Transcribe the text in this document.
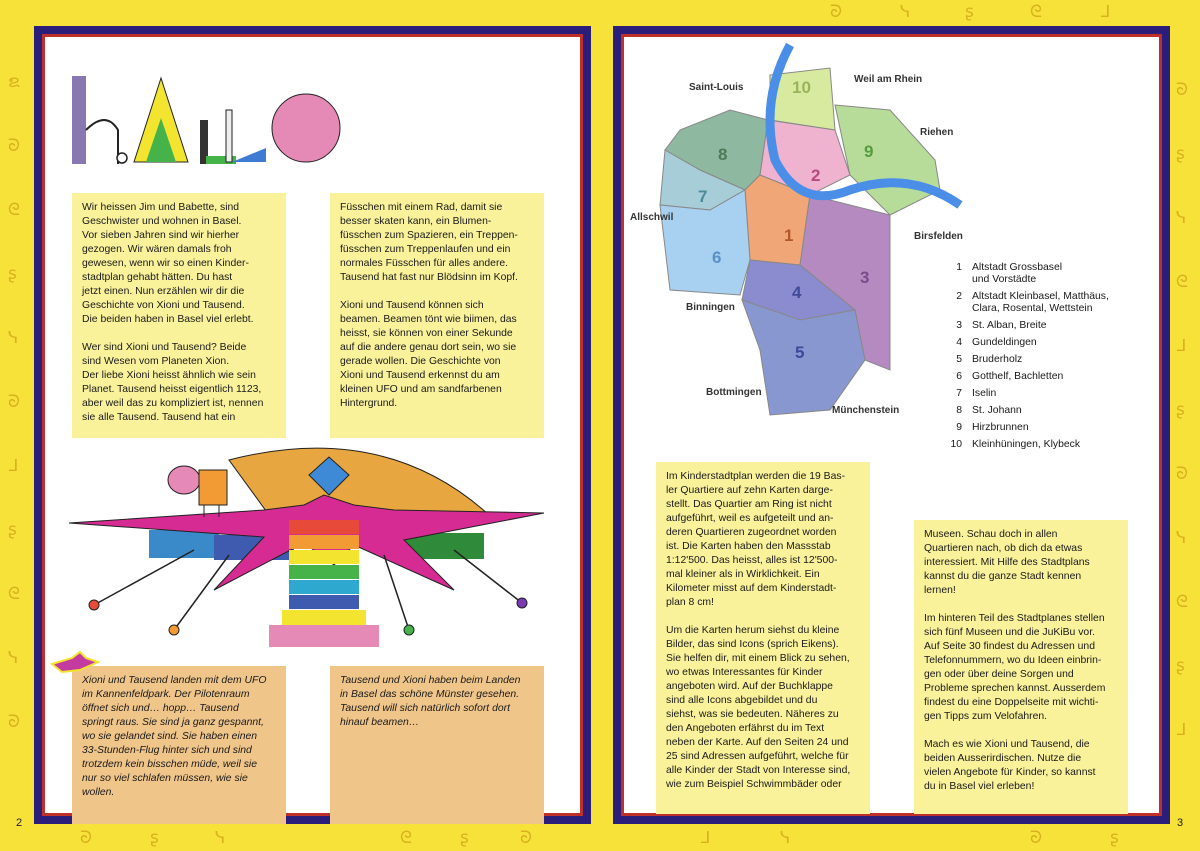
ຂ
ᘐ
ᘓ
ʂ
ᓭ
ᘐ
ᒧ
ʂ
ᘓ
ᓭ
ᘐ
ᘐ
ʂ
ᓭ
ᘓ
ᒧ
ʂ
ᘐ
ᓭ
ᘓ
ʂ
ᒧ
ᘐ	ᓭ	ʂ	ᘓ	ᒧ
ᘐ	ʂ	ᓭ	ᘓ	ʂ	ᘐ	ᒧ	ᓭ	ᘐ	ʂ
Wir heissen Jim und Babette, sind
Geschwister und wohnen in Basel.
Vor sieben Jahren sind wir hierher
gezogen. Wir wären damals froh
gewesen, wenn wir so einen Kinder-
stadtplan gehabt hätten. Du hast
jetzt einen. Nun erzählen wir dir die
Geschichte von Xioni und Tausend.
Die beiden haben in Basel viel erlebt.

Wer sind Xioni und Tausend? Beide
sind Wesen vom Planeten Xion.
Der liebe Xioni heisst ähnlich wie sein
Planet. Tausend heisst eigentlich 1123,
aber weil das zu kompliziert ist, nennen
sie alle Tausend. Tausend hat ein
Füsschen mit einem Rad, damit sie
besser skaten kann, ein Blumen-
füsschen zum Spazieren, ein Treppen-
füsschen zum Treppenlaufen und ein
normales Füsschen für alles andere.
Tausend hat fast nur Blödsinn im Kopf.

Xioni und Tausend können sich
beamen. Beamen tönt wie biimen, das
heisst, sie können von einer Sekunde
auf die andere genau dort sein, wo sie
gerade wollen. Die Geschichte von
Xioni und Tausend erkennst du am
kleinen UFO und am sandfarbenen
Hintergrund.
Xioni und Tausend landen mit dem UFO
im Kannenfeldpark. Der Pilotenraum
öffnet sich und… hopp… Tausend
springt raus. Sie sind ja ganz gespannt,
wo sie gelandet sind. Sie haben einen
33-Stunden-Flug hinter sich und sind
trotzdem kein bisschen müde, weil sie
nur so viel schlafen müssen, wie sie
wollen.
Tausend und Xioni haben beim Landen
in Basel das schöne Münster gesehen.
Tausend will sich natürlich sofort dort
hinauf beamen…
2
10
8
2
9
7
1
6
3
4
5
Saint-Louis
Weil am Rhein
Riehen
Allschwil
Birsfelden
Binningen
Bottmingen
Münchenstein
1 Altstadt Grossbasel
und Vorstädte
2 Altstadt Kleinbasel, Matthäus,
Clara, Rosental, Wettstein
3 St. Alban, Breite
4 Gundeldingen
5 Bruderholz
6 Gotthelf, Bachletten
7 Iselin
8 St. Johann
9 Hirzbrunnen
10 Kleinhüningen, Klybeck
Im Kinderstadtplan werden die 19 Bas-
ler Quartiere auf zehn Karten darge-
stellt. Das Quartier am Ring ist nicht
aufgeführt, weil es aufgeteilt und an-
deren Quartieren zugeordnet worden
ist. Die Karten haben den Massstab
1:12'500. Das heisst, alles ist 12'500-
mal kleiner als in Wirklichkeit. Ein
Kilometer misst auf dem Kinderstadt-
plan 8 cm!

Um die Karten herum siehst du kleine
Bilder, das sind Icons (sprich Eikens).
Sie helfen dir, mit einem Blick zu sehen,
wo etwas Interessantes für Kinder
angeboten wird. Auf der Buchklappe
sind alle Icons abgebildet und du
siehst, was sie bedeuten. Näheres zu
den Angeboten erfährst du im Text
neben der Karte. Auf den Seiten 24 und
25 sind Adressen aufgeführt, welche für
alle Kinder der Stadt von Interesse sind,
wie zum Beispiel Schwimmbäder oder
Museen. Schau doch in allen
Quartieren nach, ob dich da etwas
interessiert. Mit Hilfe des Stadtplans
kannst du die ganze Stadt kennen
lernen!

Im hinteren Teil des Stadtplanes stellen
sich fünf Museen und die JuKiBu vor.
Auf Seite 30 findest du Adressen und
Telefonnummern, wo du Ideen einbrin-
gen oder über deine Sorgen und
Probleme sprechen kannst. Ausserdem
findest du eine Doppelseite mit wichti-
gen Tipps zum Velofahren.

Mach es wie Xioni und Tausend, die
beiden Ausserirdischen. Nutze die
vielen Angebote für Kinder, so kannst
du in Basel viel erleben!
3
